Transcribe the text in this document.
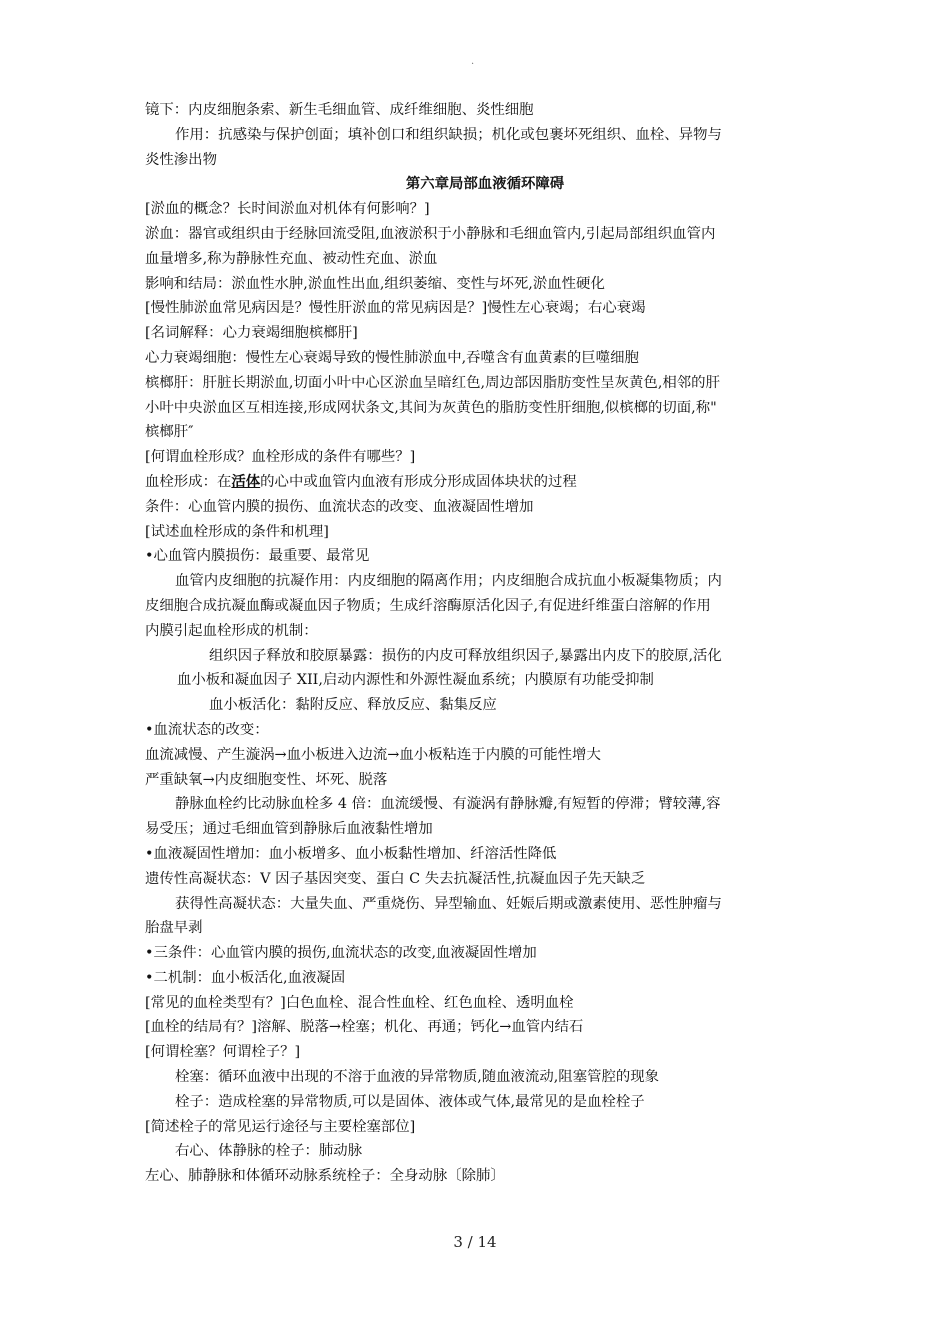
.
镜下：内皮细胞条索、新生毛细血管、成纤维细胞、炎性细胞
作用：抗感染与保护创面；填补创口和组织缺损；机化或包裹坏死组织、血栓、异物与
炎性渗出物
第六章局部血液循环障碍
[淤血的概念？长时间淤血对机体有何影响？]
淤血：器官或组织由于经脉回流受阻,血液淤积于小静脉和毛细血管内,引起局部组织血管内
血量增多,称为静脉性充血、被动性充血、淤血
影响和结局：淤血性水肿,淤血性出血,组织萎缩、变性与坏死,淤血性硬化
[慢性肺淤血常见病因是？慢性肝淤血的常见病因是？]慢性左心衰竭；右心衰竭
[名词解释：心力衰竭细胞槟榔肝]
心力衰竭细胞：慢性左心衰竭导致的慢性肺淤血中,吞噬含有血黄素的巨噬细胞
槟榔肝：肝脏长期淤血,切面小叶中心区淤血呈暗红色,周边部因脂肪变性呈灰黄色,相邻的肝
小叶中央淤血区互相连接,形成网状条文,其间为灰黄色的脂肪变性肝细胞,似槟榔的切面,称"
槟榔肝″
[何谓血栓形成？血栓形成的条件有哪些？]
血栓形成：在活体的心中或血管内血液有形成分形成固体块状的过程
条件：心血管内膜的损伤、血流状态的改变、血液凝固性增加
[试述血栓形成的条件和机理]
•心血管内膜损伤：最重要、最常见
血管内皮细胞的抗凝作用：内皮细胞的隔离作用；内皮细胞合成抗血小板凝集物质；内
皮细胞合成抗凝血酶或凝血因子物质；生成纤溶酶原活化因子,有促进纤维蛋白溶解的作用
内膜引起血栓形成的机制：
组织因子释放和胶原暴露：损伤的内皮可释放组织因子,暴露出内皮下的胶原,活化
血小板和凝血因子 XII,启动内源性和外源性凝血系统；内膜原有功能受抑制
血小板活化：黏附反应、释放反应、黏集反应
•血流状态的改变：
血流减慢、产生漩涡→血小板进入边流→血小板粘连于内膜的可能性增大
严重缺氧→内皮细胞变性、坏死、脱落
静脉血栓约比动脉血栓多 4 倍：血流缓慢、有漩涡有静脉瓣,有短暂的停滞；臂较薄,容
易受压；通过毛细血管到静脉后血液黏性增加
•血液凝固性增加：血小板增多、血小板黏性增加、纤溶活性降低
遗传性高凝状态：V 因子基因突变、蛋白 C 失去抗凝活性,抗凝血因子先天缺乏
获得性高凝状态：大量失血、严重烧伤、异型输血、妊娠后期或激素使用、恶性肿瘤与
胎盘早剥
•三条件：心血管内膜的损伤,血流状态的改变,血液凝固性增加
•二机制：血小板活化,血液凝固
[常见的血栓类型有？]白色血栓、混合性血栓、红色血栓、透明血栓
[血栓的结局有？]溶解、脱落→栓塞；机化、再通；钙化→血管内结石
[何谓栓塞？何谓栓子？]
栓塞：循环血液中出现的不溶于血液的异常物质,随血液流动,阻塞管腔的现象
栓子：造成栓塞的异常物质,可以是固体、液体或气体,最常见的是血栓栓子
[简述栓子的常见运行途径与主要栓塞部位]
右心、体静脉的栓子：肺动脉
左心、肺静脉和体循环动脉系统栓子：全身动脉〔除肺〕
3 / 14
